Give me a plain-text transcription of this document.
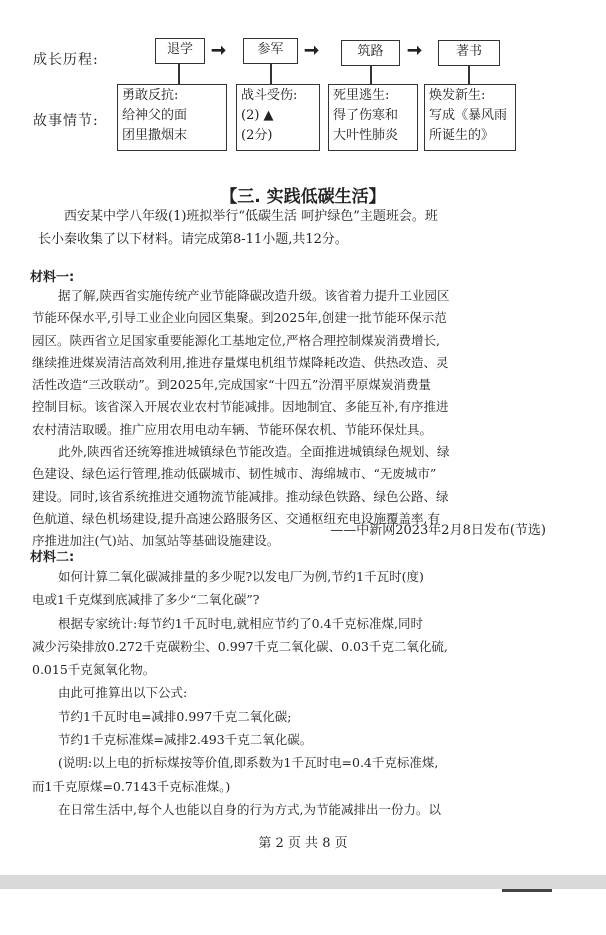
成长历程:
退学	➞	参军	➞	筑路	➞	著书
故事情节:
勇敢反抗:
给神父的面
团里撒烟末
战斗受伤:
(2) ▲
(2分)
死里逃生:
得了伤寒和
大叶性肺炎
焕发新生:
写成《暴风雨
所诞生的》
【三. 实践低碳生活】
西安某中学八年级(1)班拟举行“低碳生活 呵护绿色”主题班会。班
长小秦收集了以下材料。请完成第8-11小题,共12分。
材料一:
据了解,陕西省实施传统产业节能降碳改造升级。该省着力提升工业园区
节能环保水平,引导工业企业向园区集聚。到2025年,创建一批节能环保示范
园区。陕西省立足国家重要能源化工基地定位,严格合理控制煤炭消费增长,
继续推进煤炭清洁高效利用,推进存量煤电机组节煤降耗改造、供热改造、灵
活性改造“三改联动”。到2025年,完成国家“十四五”汾渭平原煤炭消费量
控制目标。该省深入开展农业农村节能减排。因地制宜、多能互补,有序推进
农村清洁取暖。推广应用农用电动车辆、节能环保农机、节能环保灶具。
此外,陕西省还统筹推进城镇绿色节能改造。全面推进城镇绿色规划、绿
色建设、绿色运行管理,推动低碳城市、韧性城市、海绵城市、“无废城市”
建设。同时,该省系统推进交通物流节能减排。推动绿色铁路、绿色公路、绿
色航道、绿色机场建设,提升高速公路服务区、交通枢纽充电设施覆盖率,有
序推进加注(气)站、加氢站等基础设施建设。
——中新网2023年2月8日发布(节选)
材料二:
如何计算二氧化碳减排量的多少呢?以发电厂为例,节约1千瓦时(度)
电或1千克煤到底减排了多少“二氧化碳”?
根据专家统计:每节约1千瓦时电,就相应节约了0.4千克标准煤,同时
减少污染排放0.272千克碳粉尘、0.997千克二氧化碳、0.03千克二氧化硫,
0.015千克氮氧化物。
由此可推算出以下公式:
节约1千瓦时电=减排0.997千克二氧化碳;
节约1千克标准煤=减排2.493千克二氧化碳。
(说明:以上电的折标煤按等价值,即系数为1千瓦时电=0.4千克标准煤,
而1千克原煤=0.7143千克标准煤。)
在日常生活中,每个人也能以自身的行为方式,为节能减排出一份力。以
第 2 页 共 8 页
